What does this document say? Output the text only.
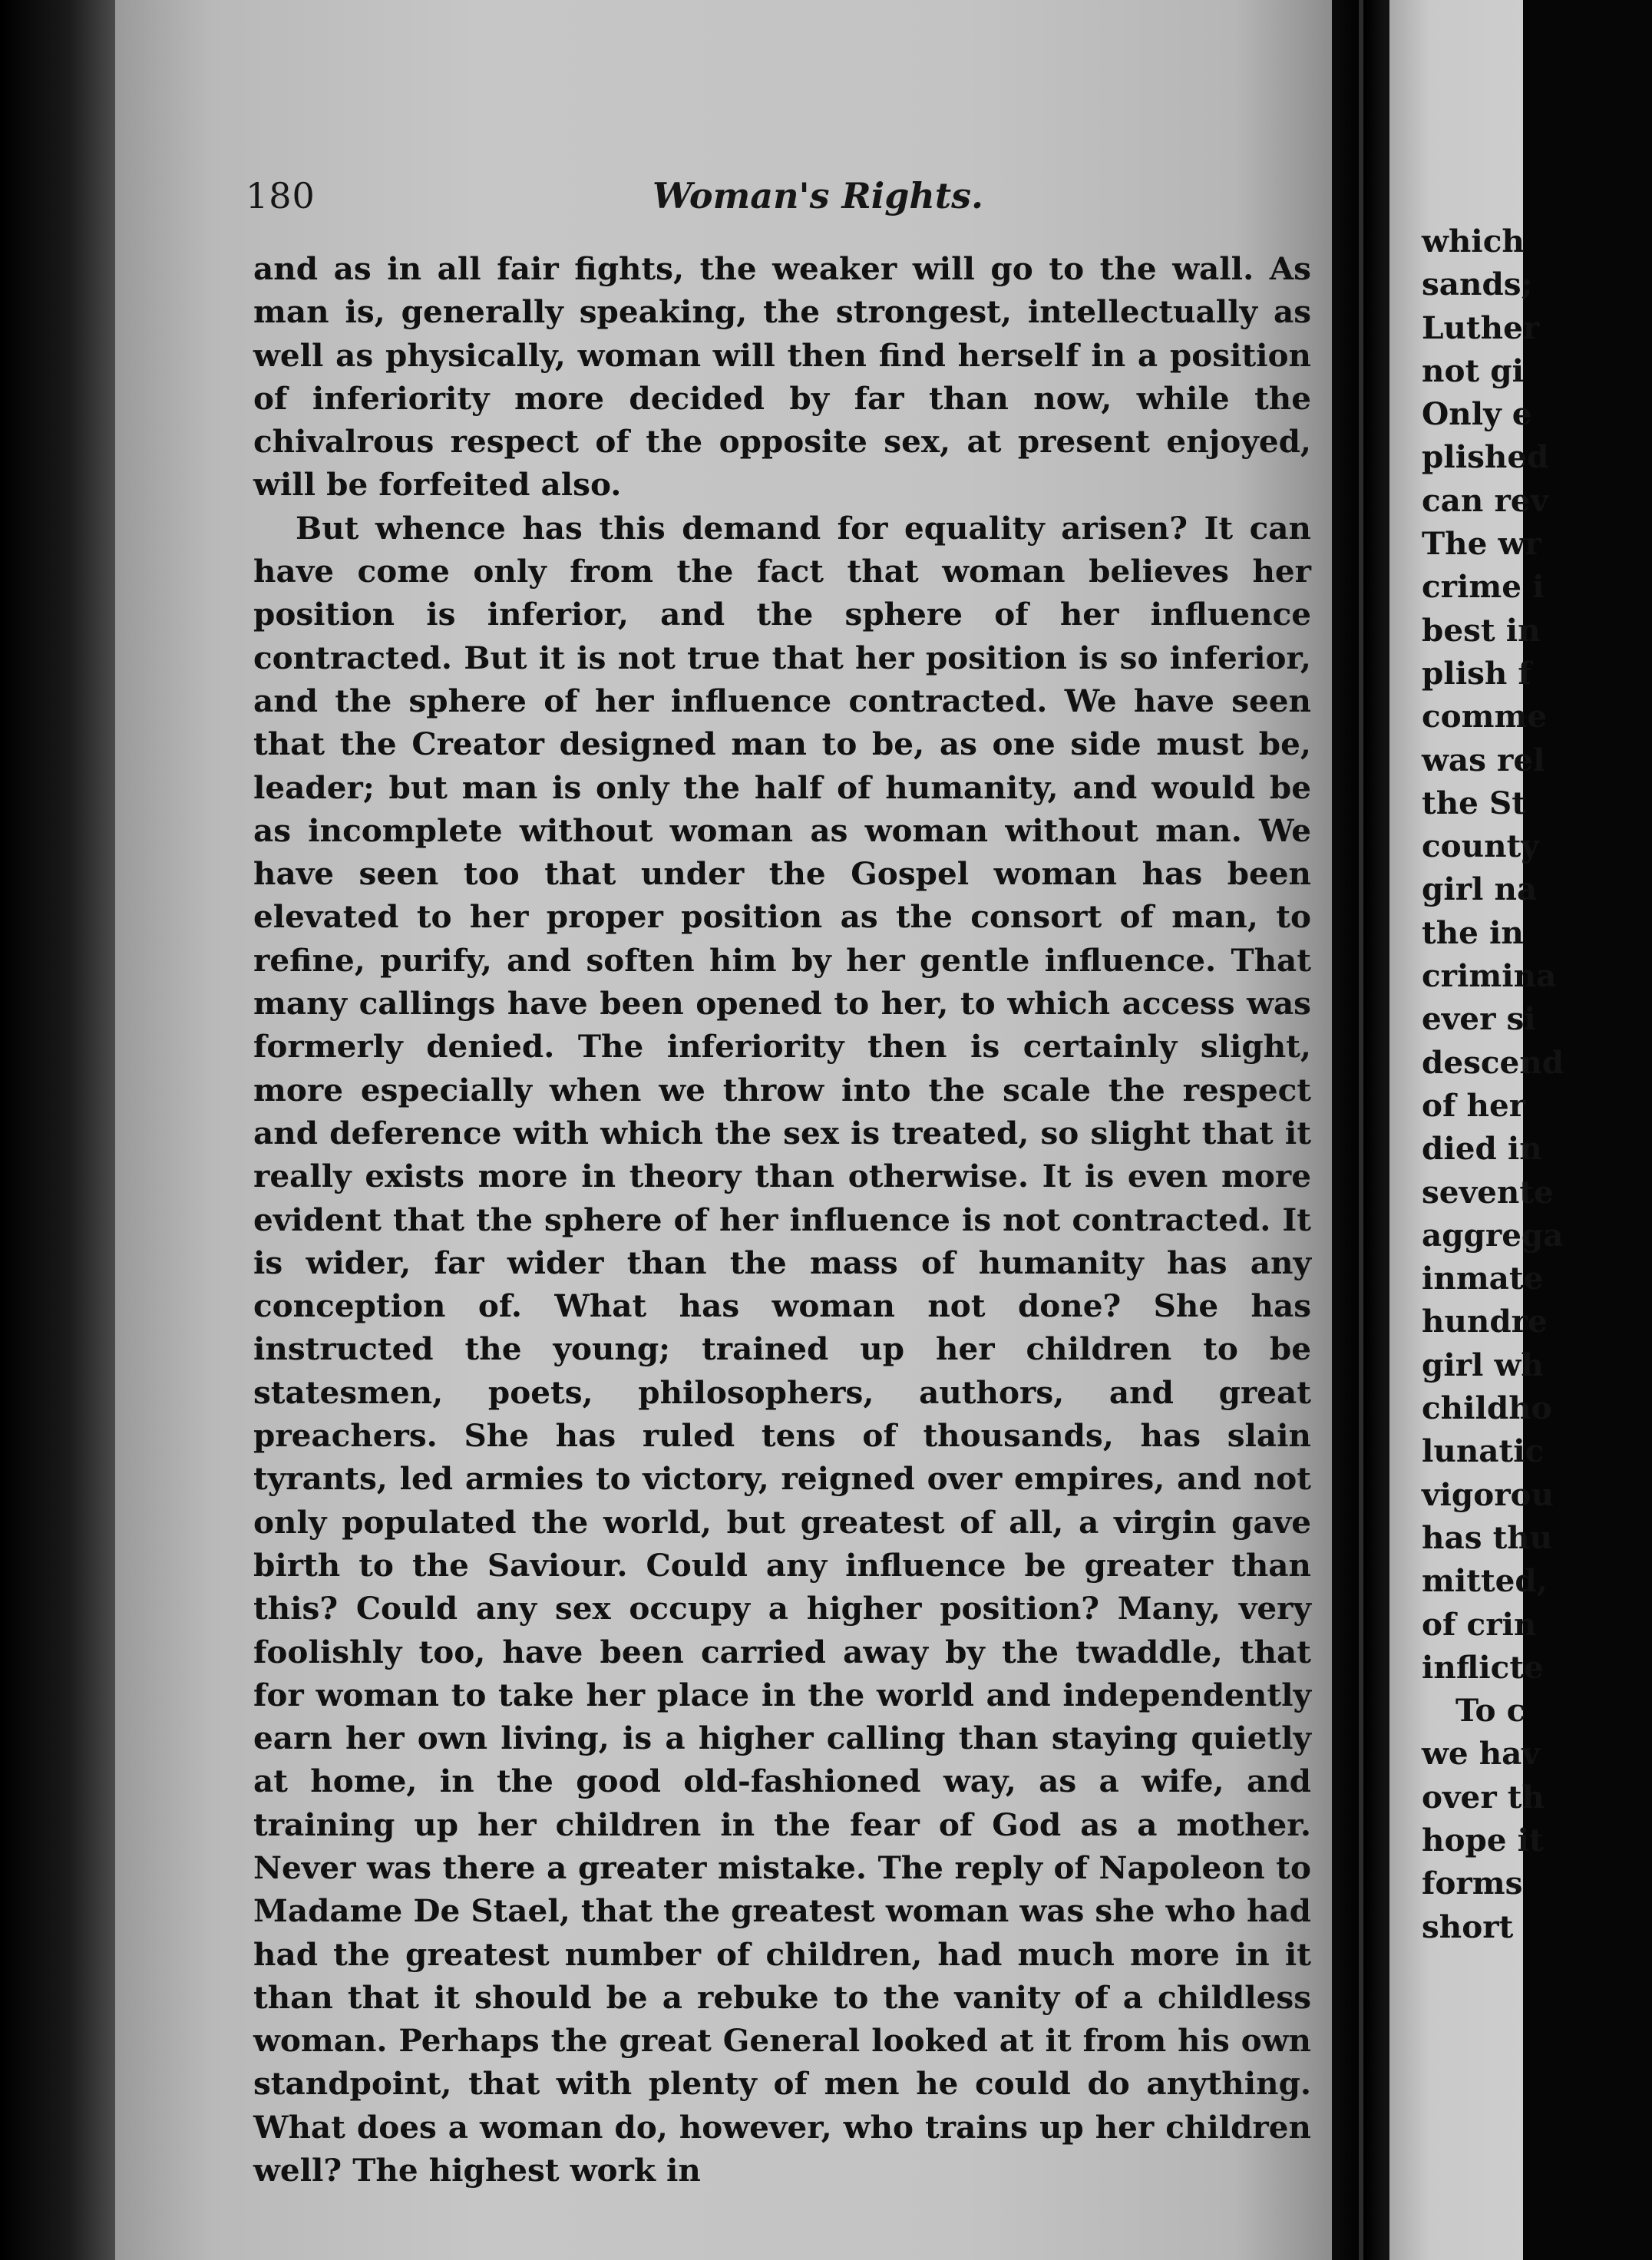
180	Woman's Rights.

and as in all fair fights, the weaker will go to the wall. As man is, generally speaking, the strongest, intellectually as well as physically, woman will then find herself in a position of inferiority more decided by far than now, while the chivalrous respect of the opposite sex, at present enjoyed, will be forfeited also.

But whence has this demand for equality arisen? It can have come only from the fact that woman believes her position is inferior, and the sphere of her influence contracted. But it is not true that her position is so inferior, and the sphere of her influence contracted. We have seen that the Creator designed man to be, as one side must be, leader; but man is only the half of humanity, and would be as incomplete without woman as woman without man. We have seen too that under the Gospel woman has been elevated to her proper position as the consort of man, to refine, purify, and soften him by her gentle influence. That many callings have been opened to her, to which access was formerly denied. The inferiority then is certainly slight, more especially when we throw into the scale the respect and deference with which the sex is treated, so slight that it really exists more in theory than otherwise. It is even more evident that the sphere of her influence is not contracted. It is wider, far wider than the mass of humanity has any conception of. What has woman not done? She has instructed the young; trained up her children to be statesmen, poets, philosophers, authors, and great preachers. She has ruled tens of thousands, has slain tyrants, led armies to victory, reigned over empires, and not only populated the world, but greatest of all, a virgin gave birth to the Saviour. Could any influence be greater than this? Could any sex occupy a higher position? Many, very foolishly too, have been carried away by the twaddle, that for woman to take her place in the world and independently earn her own living, is a higher calling than staying quietly at home, in the good old-fashioned way, as a wife, and training up her children in the fear of God as a mother. Never was there a greater mistake. The reply of Napoleon to Madame De Stael, that the greatest woman was she who had had the greatest number of children, had much more in it than that it should be a rebuke to the vanity of a childless woman. Perhaps the great General looked at it from his own standpoint, that with plenty of men he could do anything. What does a woman do, however, who trains up her children well? The highest work in

which
sands;
Luther
not gi
Only e
plished
can rev
The wr
crime i
best in
plish f
comme
was rel
the St
county
girl na
the in
crimina
ever si
descend
of her
died in
sevente
aggrega
inmate
hundre
girl wh
childho
lunatic
vigorou
has thu
mitted,
of crin
inflicte
To c
we hav
over th
hope it
forms
short
